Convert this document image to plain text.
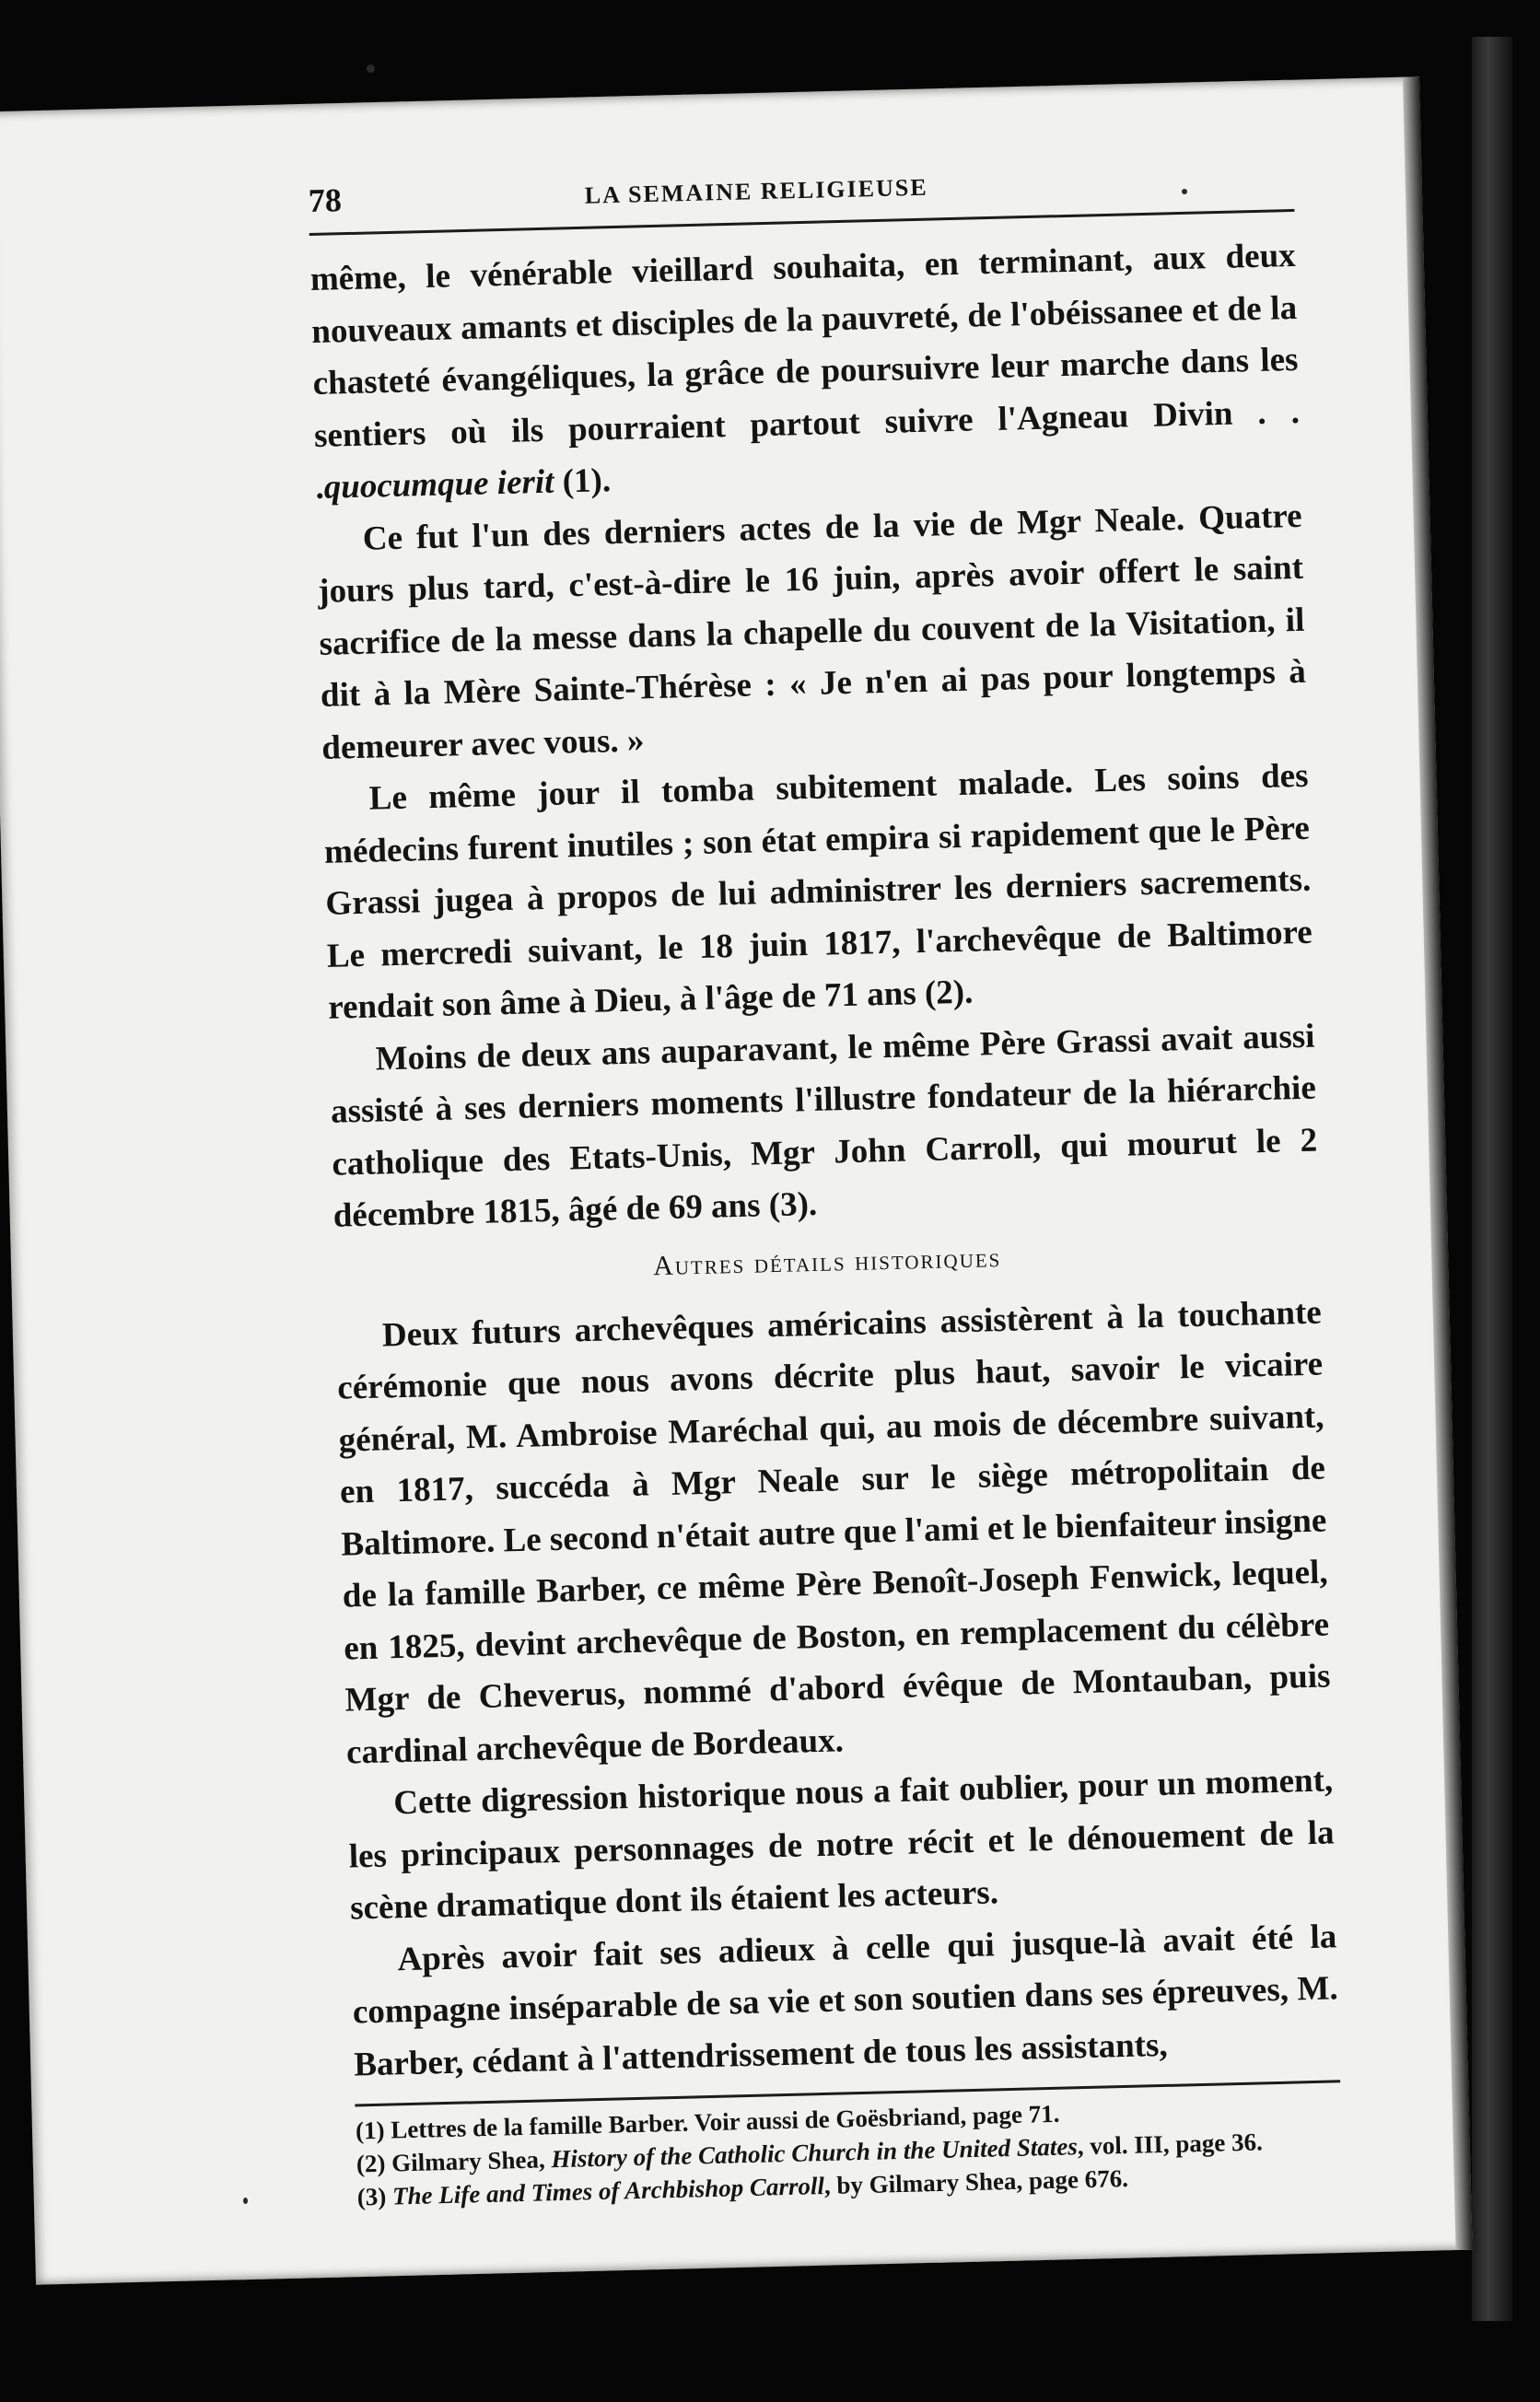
78	LA SEMAINE RELIGIEUSE

même, le vénérable vieillard souhaita, en terminant, aux deux nouveaux amants et disciples de la pauvreté, de l'obéissanee et de la chasteté évangéliques, la grâce de poursuivre leur marche dans les sentiers où ils pourraient partout suivre l'Agneau Divin . . .quocumque ierit (1).

Ce fut l'un des derniers actes de la vie de Mgr Neale. Quatre jours plus tard, c'est-à-dire le 16 juin, après avoir offert le saint sacrifice de la messe dans la chapelle du couvent de la Visitation, il dit à la Mère Sainte-Thérèse : « Je n'en ai pas pour longtemps à demeurer avec vous. »

Le même jour il tomba subitement malade. Les soins des médecins furent inutiles ; son état empira si rapidement que le Père Grassi jugea à propos de lui administrer les derniers sacrements. Le mercredi suivant, le 18 juin 1817, l'archevêque de Baltimore rendait son âme à Dieu, à l'âge de 71 ans (2).

Moins de deux ans auparavant, le même Père Grassi avait aussi assisté à ses derniers moments l'illustre fondateur de la hiérarchie catholique des Etats-Unis, Mgr John Carroll, qui mourut le 2 décembre 1815, âgé de 69 ans (3).

Autres détails historiques

Deux futurs archevêques américains assistèrent à la touchante cérémonie que nous avons décrite plus haut, savoir le vicaire général, M. Ambroise Maréchal qui, au mois de décembre suivant, en 1817, succéda à Mgr Neale sur le siège métropolitain de Baltimore. Le second n'était autre que l'ami et le bienfaiteur insigne de la famille Barber, ce même Père Benoît-Joseph Fenwick, lequel, en 1825, devint archevêque de Boston, en remplacement du célèbre Mgr de Cheverus, nommé d'abord évêque de Montauban, puis cardinal archevêque de Bordeaux.

Cette digression historique nous a fait oublier, pour un moment, les principaux personnages de notre récit et le dénouement de la scène dramatique dont ils étaient les acteurs.

Après avoir fait ses adieux à celle qui jusque-là avait été la compagne inséparable de sa vie et son soutien dans ses épreuves, M. Barber, cédant à l'attendrissement de tous les assistants,

(1) Lettres de la famille Barber. Voir aussi de Goësbriand, page 71.
(2) Gilmary Shea, History of the Catholic Church in the United States, vol. III, page 36.
(3) The Life and Times of Archbishop Carroll, by Gilmary Shea, page 676.
